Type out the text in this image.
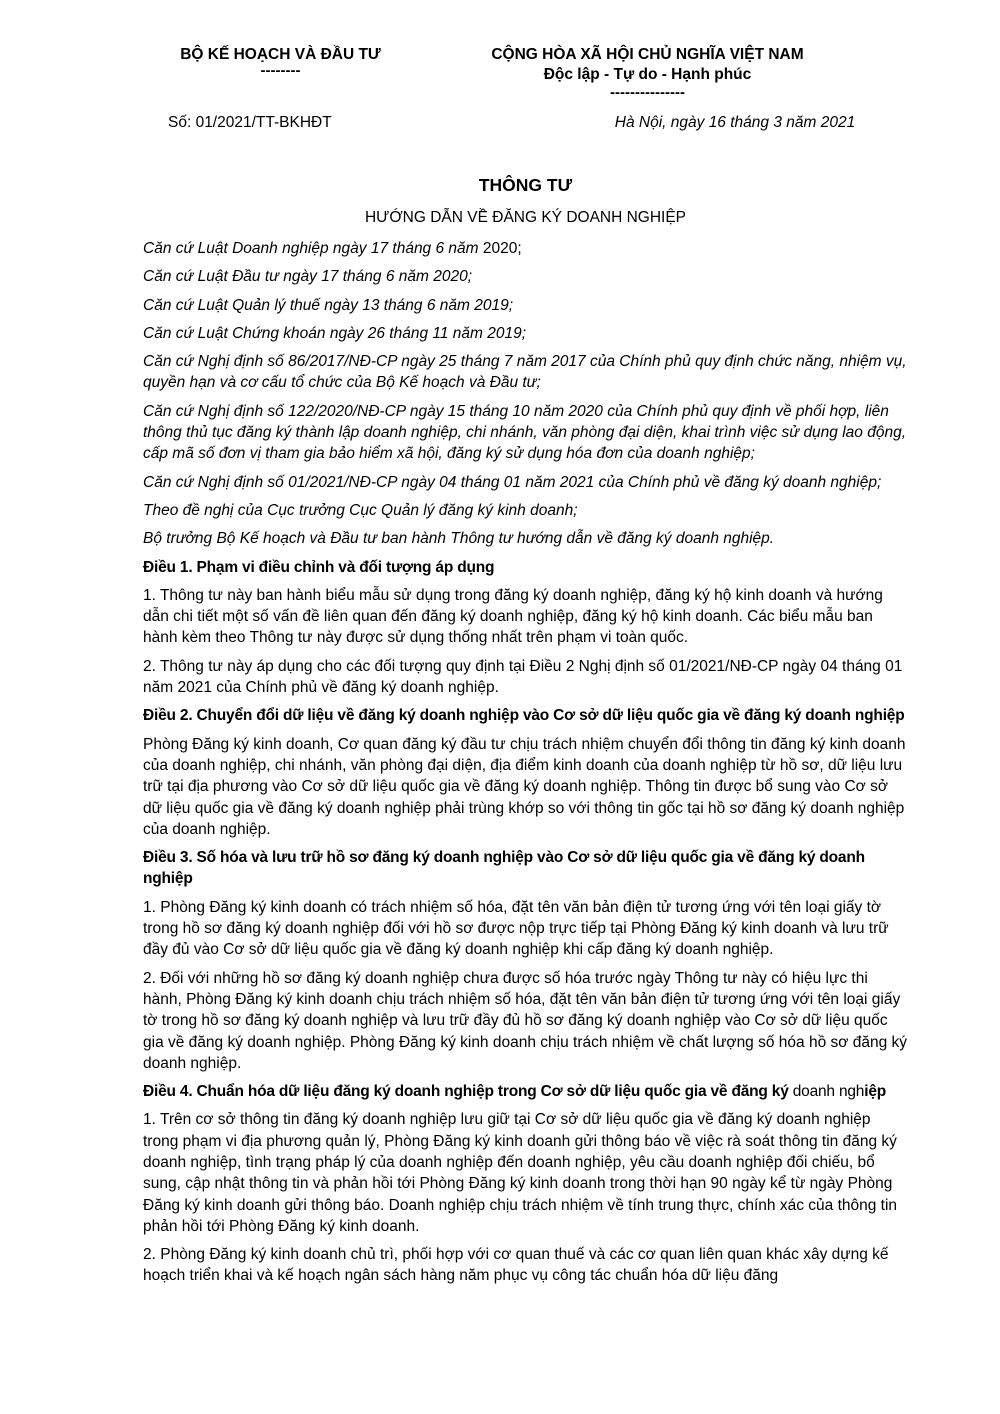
BỘ KẾ HOẠCH VÀ ĐẦU TƯ
--------
Số: 01/2021/TT-BKHĐT
CỘNG HÒA XÃ HỘI CHỦ NGHĨA VIỆT NAM
Độc lập - Tự do - Hạnh phúc
---------------
Hà Nội, ngày 16 tháng 3 năm 2021
THÔNG TƯ
HƯỚNG DẪN VỀ ĐĂNG KÝ DOANH NGHIỆP

Căn cứ Luật Doanh nghiệp ngày 17 tháng 6 năm 2020;

Căn cứ Luật Đầu tư ngày 17 tháng 6 năm 2020;

Căn cứ Luật Quản lý thuế ngày 13 tháng 6 năm 2019;

Căn cứ Luật Chứng khoán ngày 26 tháng 11 năm 2019;

Căn cứ Nghị định số 86/2017/NĐ-CP ngày 25 tháng 7 năm 2017 của Chính phủ quy định chức năng, nhiệm vụ, quyền hạn và cơ cấu tổ chức của Bộ Kế hoạch và Đầu tư;

Căn cứ Nghị định số 122/2020/NĐ-CP ngày 15 tháng 10 năm 2020 của Chính phủ quy định về phối hợp, liên thông thủ tục đăng ký thành lập doanh nghiệp, chi nhánh, văn phòng đại diện, khai trình việc sử dụng lao động, cấp mã số đơn vị tham gia bảo hiểm xã hội, đăng ký sử dụng hóa đơn của doanh nghiệp;

Căn cứ Nghị định số 01/2021/NĐ-CP ngày 04 tháng 01 năm 2021 của Chính phủ về đăng ký doanh nghiệp;

Theo đề nghị của Cục trưởng Cục Quản lý đăng ký kinh doanh;

Bộ trưởng Bộ Kế hoạch và Đầu tư ban hành Thông tư hướng dẫn về đăng ký doanh nghiệp.

Điều 1. Phạm vi điều chỉnh và đối tượng áp dụng

1. Thông tư này ban hành biểu mẫu sử dụng trong đăng ký doanh nghiệp, đăng ký hộ kinh doanh và hướng dẫn chi tiết một số vấn đề liên quan đến đăng ký doanh nghiệp, đăng ký hộ kinh doanh. Các biểu mẫu ban hành kèm theo Thông tư này được sử dụng thống nhất trên phạm vi toàn quốc.

2. Thông tư này áp dụng cho các đối tượng quy định tại Điều 2 Nghị định số 01/2021/NĐ-CP ngày 04 tháng 01 năm 2021 của Chính phủ về đăng ký doanh nghiệp.

Điều 2. Chuyển đổi dữ liệu về đăng ký doanh nghiệp vào Cơ sở dữ liệu quốc gia về đăng ký doanh nghiệp

Phòng Đăng ký kinh doanh, Cơ quan đăng ký đầu tư chịu trách nhiệm chuyển đổi thông tin đăng ký kinh doanh của doanh nghiệp, chi nhánh, văn phòng đại diện, địa điểm kinh doanh của doanh nghiệp từ hồ sơ, dữ liệu lưu trữ tại địa phương vào Cơ sở dữ liệu quốc gia về đăng ký doanh nghiệp. Thông tin được bổ sung vào Cơ sở dữ liệu quốc gia về đăng ký doanh nghiệp phải trùng khớp so với thông tin gốc tại hồ sơ đăng ký doanh nghiệp của doanh nghiệp.

Điều 3. Số hóa và lưu trữ hồ sơ đăng ký doanh nghiệp vào Cơ sở dữ liệu quốc gia về đăng ký doanh nghiệp

1. Phòng Đăng ký kinh doanh có trách nhiệm số hóa, đặt tên văn bản điện tử tương ứng với tên loại giấy tờ trong hồ sơ đăng ký doanh nghiệp đối với hồ sơ được nộp trực tiếp tại Phòng Đăng ký kinh doanh và lưu trữ đầy đủ vào Cơ sở dữ liệu quốc gia về đăng ký doanh nghiệp khi cấp đăng ký doanh nghiệp.

2. Đối với những hồ sơ đăng ký doanh nghiệp chưa được số hóa trước ngày Thông tư này có hiệu lực thi hành, Phòng Đăng ký kinh doanh chịu trách nhiệm số hóa, đặt tên văn bản điện tử tương ứng với tên loại giấy tờ trong hồ sơ đăng ký doanh nghiệp và lưu trữ đầy đủ hồ sơ đăng ký doanh nghiệp vào Cơ sở dữ liệu quốc gia về đăng ký doanh nghiệp. Phòng Đăng ký kinh doanh chịu trách nhiệm về chất lượng số hóa hồ sơ đăng ký doanh nghiệp.

Điều 4. Chuẩn hóa dữ liệu đăng ký doanh nghiệp trong Cơ sở dữ liệu quốc gia về đăng ký doanh nghiệp

1. Trên cơ sở thông tin đăng ký doanh nghiệp lưu giữ tại Cơ sở dữ liệu quốc gia về đăng ký doanh nghiệp trong phạm vi địa phương quản lý, Phòng Đăng ký kinh doanh gửi thông báo về việc rà soát thông tin đăng ký doanh nghiệp, tình trạng pháp lý của doanh nghiệp đến doanh nghiệp, yêu cầu doanh nghiệp đối chiếu, bổ sung, cập nhật thông tin và phản hồi tới Phòng Đăng ký kinh doanh trong thời hạn 90 ngày kể từ ngày Phòng Đăng ký kinh doanh gửi thông báo. Doanh nghiệp chịu trách nhiệm về tính trung thực, chính xác của thông tin phản hồi tới Phòng Đăng ký kinh doanh.

2. Phòng Đăng ký kinh doanh chủ trì, phối hợp với cơ quan thuế và các cơ quan liên quan khác xây dựng kế hoạch triển khai và kế hoạch ngân sách hàng năm phục vụ công tác chuẩn hóa dữ liệu đăng
